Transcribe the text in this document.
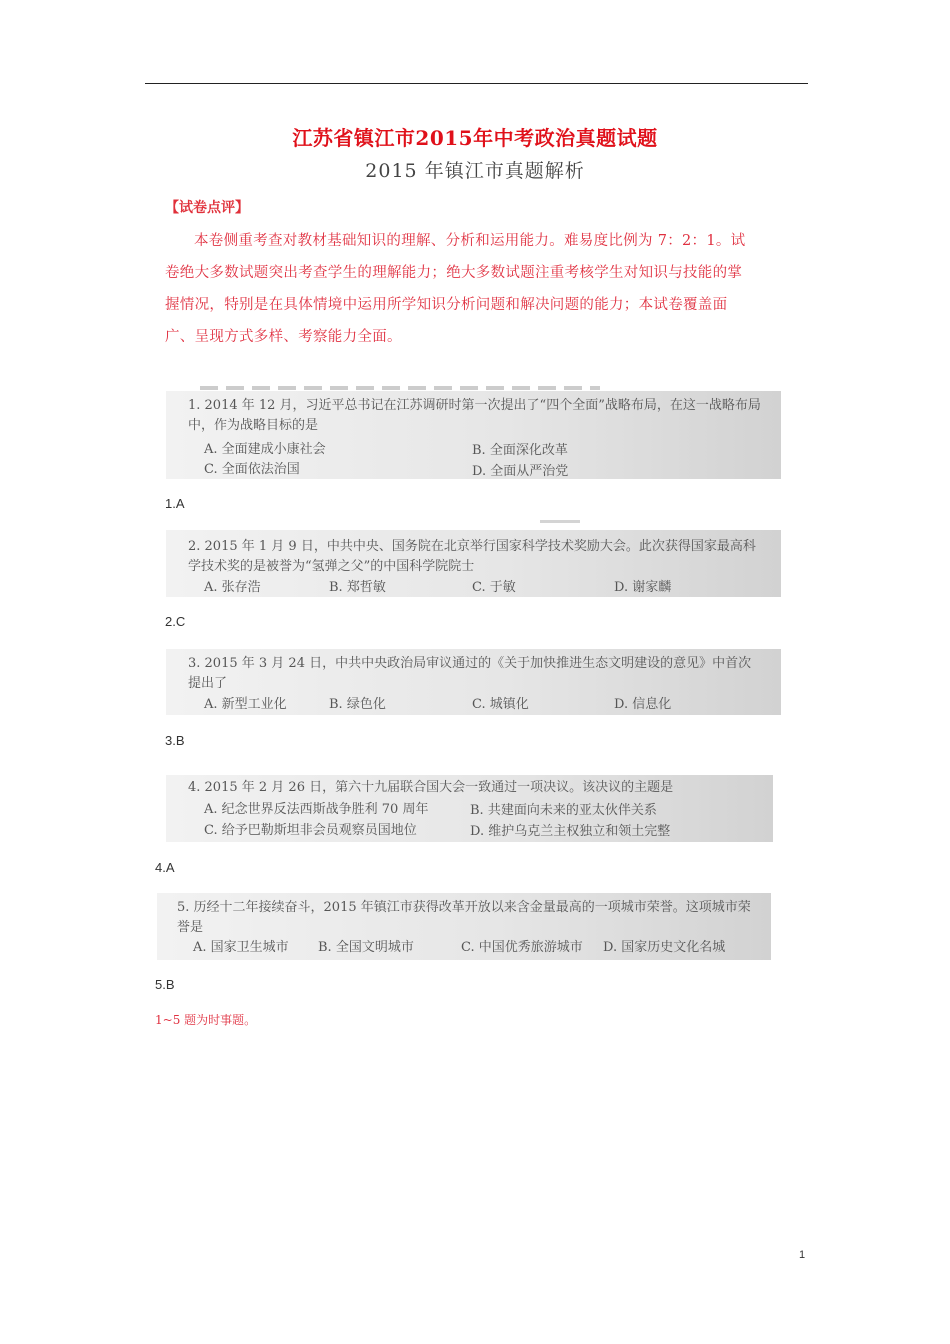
江苏省镇江市2015年中考政治真题试题
2015 年镇江市真题解析
【试卷点评】
本卷侧重考查对教材基础知识的理解、分析和运用能力。难易度比例为 7：2：1。试卷绝大多数试题突出考查学生的理解能力；绝大多数试题注重考核学生对知识与技能的掌握情况，特别是在具体情境中运用所学知识分析问题和解决问题的能力；本试卷覆盖面广、呈现方式多样、考察能力全面。
1. 2014 年 12 月，习近平总书记在江苏调研时第一次提出了“四个全面”战略布局，在这一战略布局中，作为战略目标的是
A. 全面建成小康社会	B. 全面深化改革
C. 全面依法治国	D. 全面从严治党
1.A
2. 2015 年 1 月 9 日，中共中央、国务院在北京举行国家科学技术奖励大会。此次获得国家最高科学技术奖的是被誉为“氢弹之父”的中国科学院院士
A. 张存浩	B. 郑哲敏	C. 于敏	D. 谢家麟
2.C
3. 2015 年 3 月 24 日，中共中央政治局审议通过的《关于加快推进生态文明建设的意见》中首次提出了
A. 新型工业化	B. 绿色化	C. 城镇化	D. 信息化
3.B
4. 2015 年 2 月 26 日，第六十九届联合国大会一致通过一项决议。该决议的主题是
A. 纪念世界反法西斯战争胜利 70 周年	B. 共建面向未来的亚太伙伴关系
C. 给予巴勒斯坦非会员观察员国地位	D. 维护乌克兰主权独立和领土完整
4.A
5. 历经十二年接续奋斗，2015 年镇江市获得改革开放以来含金量最高的一项城市荣誉。这项城市荣誉是
A. 国家卫生城市 B. 全国文明城市	C. 中国优秀旅游城市 D. 国家历史文化名城
5.B
1~5 题为时事题。
1
